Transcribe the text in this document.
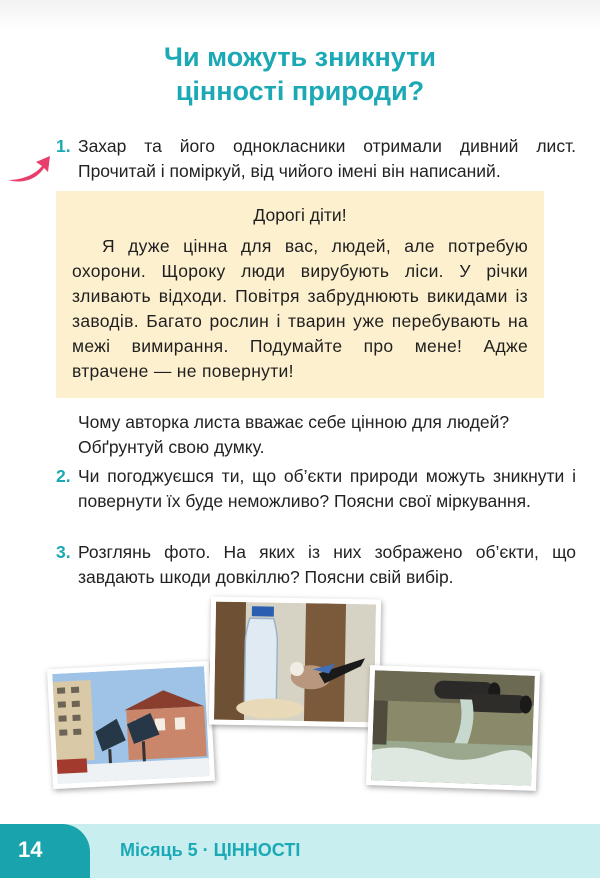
Чи можуть зникнути
цінності природи?
1. Захар та його однокласники отримали дивний лист. Прочитай і поміркуй, від чийого імені він написаний.
Дорогі діти!
Я дуже цінна для вас, людей, але потребую охорони. Щороку люди вирубують ліси. У річки зливають відходи. Повітря забруднюють викидами із заводів. Багато рослин і тварин уже перебувають на межі вимирання. Подумайте про мене! Адже втрачене — не повернути!
Чому авторка листа вважає себе цінною для людей? Обґрунтуй свою думку.
2. Чи погоджуєшся ти, що об’єкти природи можуть зникнути і повернути їх буде неможливо? Поясни свої міркування.
3. Розглянь фото. На яких із них зображено об’єкти, що завдають шкоди довкіллю? Поясни свій вибір.
14	Місяць 5 · ЦІННОСТІ
